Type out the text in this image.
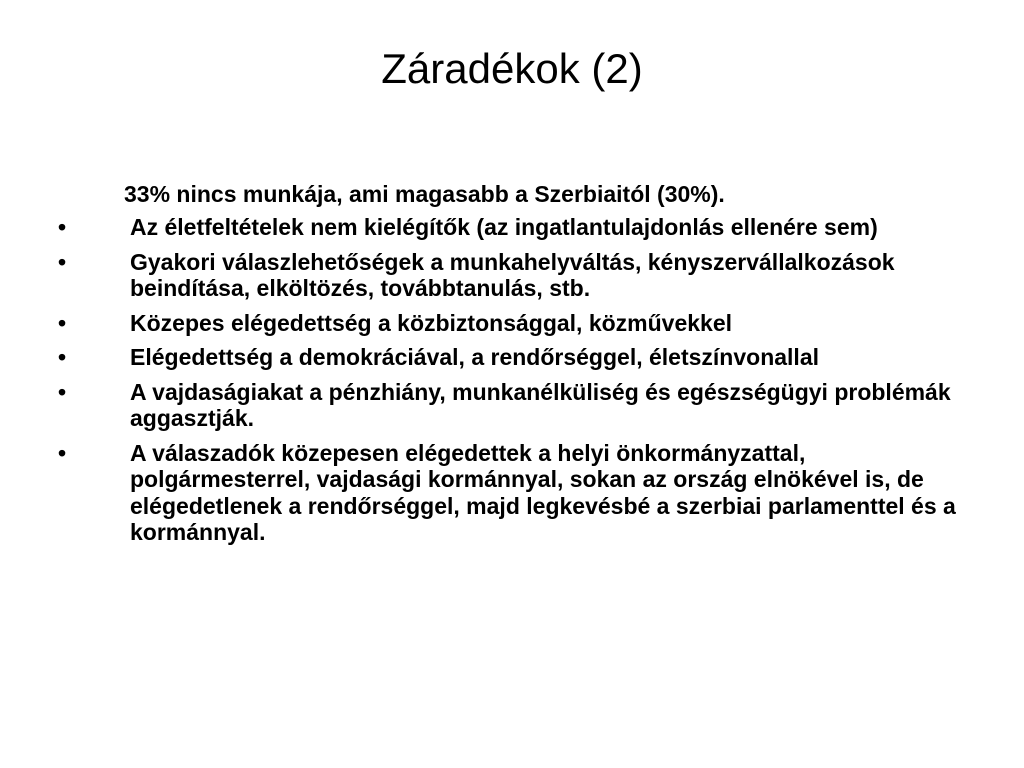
Záradékok (2)

33% nincs munkája, ami magasabb a Szerbiaitól (30%).

•	Az életfeltételek nem kielégítők (az ingatlantulajdonlás ellenére sem)
•	Gyakori válaszlehetőségek a munkahelyváltás, kényszervállalkozások beindítása, elköltözés, továbbtanulás, stb.
•	Közepes elégedettség a közbiztonsággal, közművekkel
•	Elégedettség a demokráciával, a rendőrséggel, életszínvonallal
•	A vajdaságiakat a pénzhiány, munkanélküliség és egészségügyi problémák aggasztják.
•	A válaszadók közepesen elégedettek a helyi önkormányzattal, polgármesterrel, vajdasági kormánnyal, sokan az ország elnökével is, de elégedetlenek a rendőrséggel, majd legkevésbé a szerbiai parlamenttel és a kormánnyal.
